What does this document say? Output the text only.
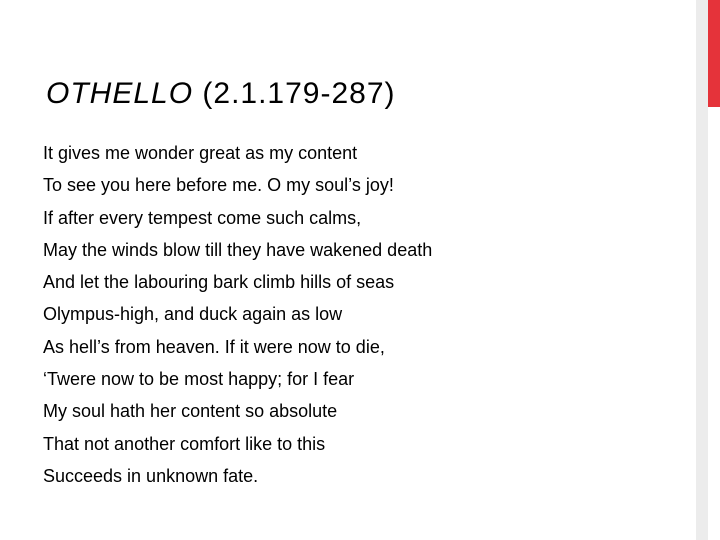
OTHELLO (2.1.179-287)
It gives me wonder great as my content
To see you here before me. O my soul’s joy!
If after every tempest come such calms,
May the winds blow till they have wakened death
And let the labouring bark climb hills of seas
Olympus-high, and duck again as low
As hell’s from heaven. If it were now to die,
‘Twere now to be most happy; for I fear
My soul hath her content so absolute
That not another comfort like to this
Succeeds in unknown fate.
